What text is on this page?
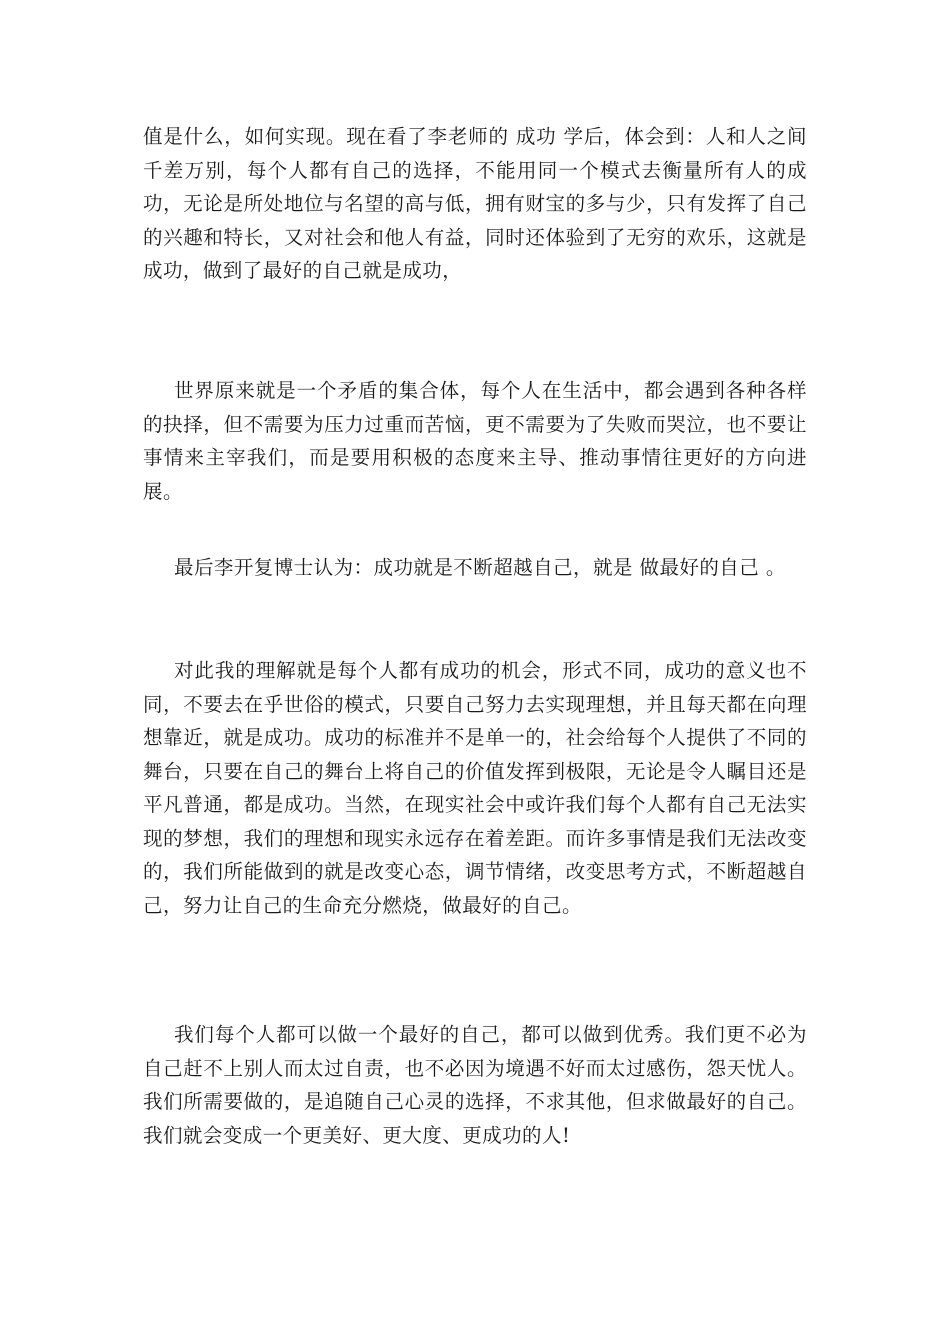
值是什么，如何实现。现在看了李老师的 成功 学后，体会到：人和人之间千差万别，每个人都有自己的选择，不能用同一个模式去衡量所有人的成功，无论是所处地位与名望的高与低，拥有财宝的多与少，只有发挥了自己的兴趣和特长，又对社会和他人有益，同时还体验到了无穷的欢乐，这就是成功，做到了最好的自己就是成功，

世界原来就是一个矛盾的集合体，每个人在生活中，都会遇到各种各样的抉择，但不需要为压力过重而苦恼，更不需要为了失败而哭泣，也不要让事情来主宰我们，而是要用积极的态度来主导、推动事情往更好的方向进展。

最后李开复博士认为：成功就是不断超越自己，就是 做最好的自己 。

对此我的理解就是每个人都有成功的机会，形式不同，成功的意义也不同，不要去在乎世俗的模式，只要自己努力去实现理想，并且每天都在向理想靠近，就是成功。成功的标准并不是单一的，社会给每个人提供了不同的舞台，只要在自己的舞台上将自己的价值发挥到极限，无论是令人瞩目还是平凡普通，都是成功。当然，在现实社会中或许我们每个人都有自己无法实现的梦想，我们的理想和现实永远存在着差距。而许多事情是我们无法改变的，我们所能做到的就是改变心态，调节情绪，改变思考方式，不断超越自己，努力让自己的生命充分燃烧，做最好的自己。

我们每个人都可以做一个最好的自己，都可以做到优秀。我们更不必为自己赶不上别人而太过自责，也不必因为境遇不好而太过感伤，怨天忧人。我们所需要做的，是追随自己心灵的选择，不求其他，但求做最好的自己。我们就会变成一个更美好、更大度、更成功的人!
